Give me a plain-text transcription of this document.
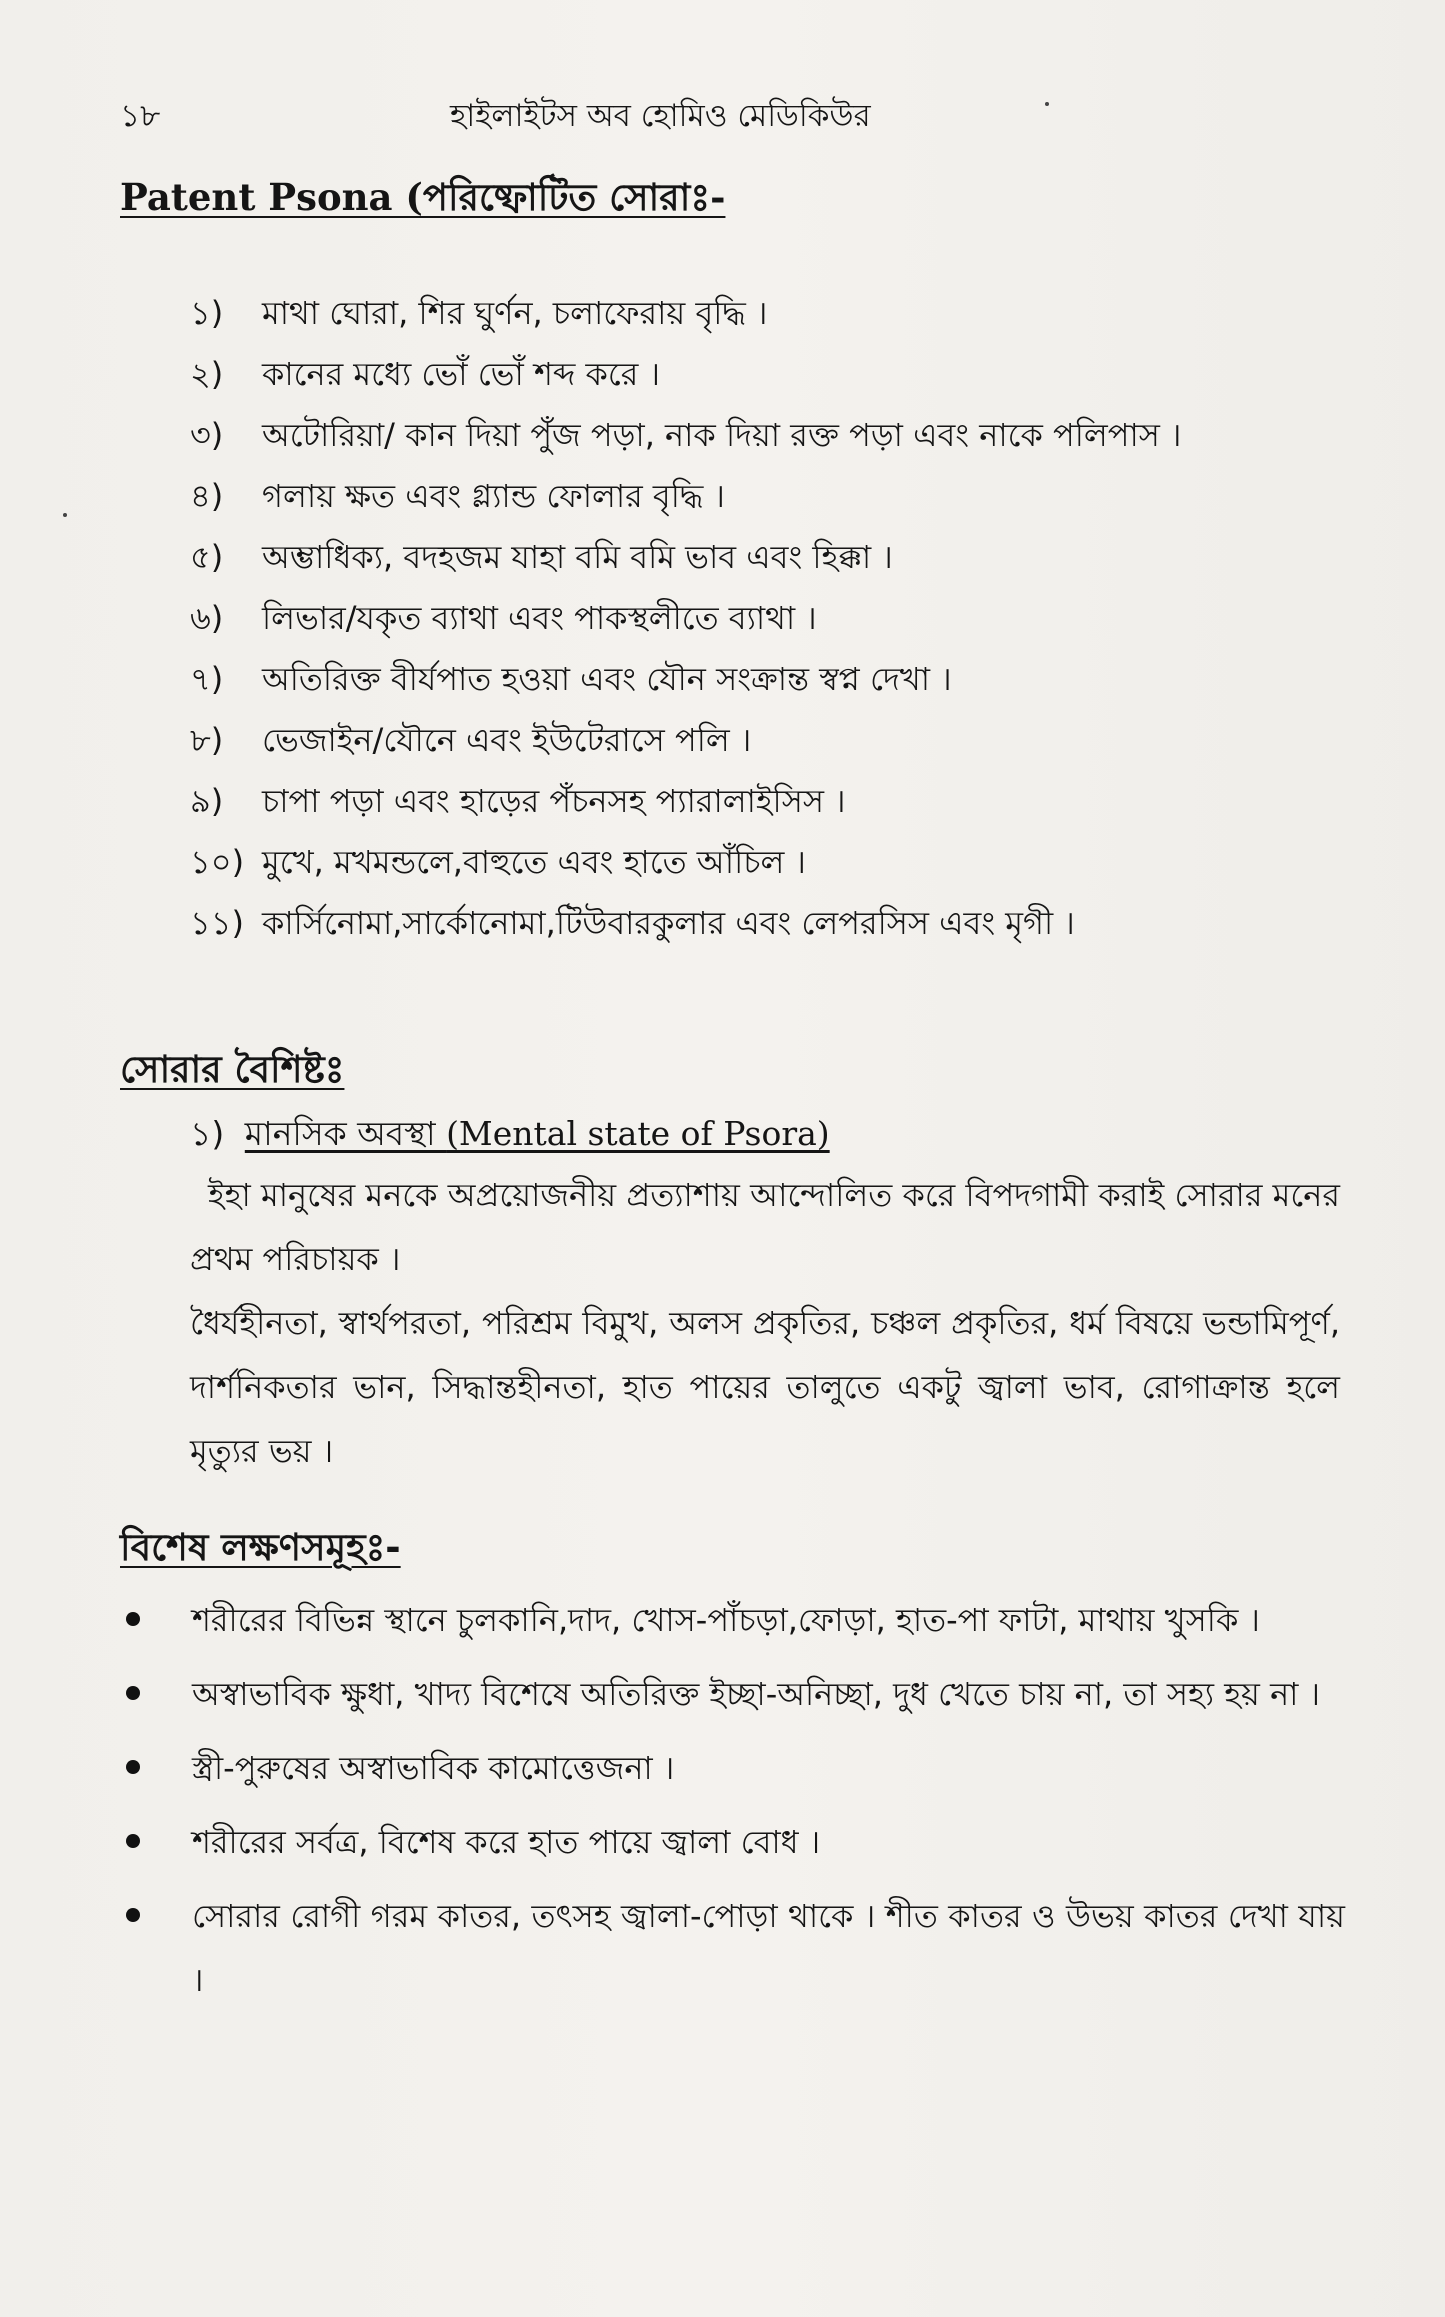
১৮	হাইলাইটস অব হোমিও মেডিকিউর
Patent Psona (পরিষ্ফোটিত সোরাঃ-
১) মাথা ঘোরা, শির ঘুর্ণন, চলাফেরায় বৃদ্ধি ।
২) কানের মধ্যে ভোঁ ভোঁ শব্দ করে ।
৩) অটোরিয়া/ কান দিয়া পুঁজ পড়া, নাক দিয়া রক্ত পড়া এবং নাকে পলিপাস ।
৪) গলায় ক্ষত এবং গ্ল্যান্ড ফোলার বৃদ্ধি ।
৫) অম্ভাধিক্য, বদহজম যাহা বমি বমি ভাব এবং হিক্কা ।
৬) লিভার/যকৃত ব্যাথা এবং পাকস্থলীতে ব্যাথা ।
৭) অতিরিক্ত বীর্যপাত হওয়া এবং যৌন সংক্রান্ত স্বপ্ন দেখা ।
৮) ভেজাইন/যৌনে এবং ইউটেরাসে পলি ।
৯) চাপা পড়া এবং হাড়ের পঁচনসহ প্যারালাইসিস ।
১০) মুখে, মখমন্ডলে,বাহুতে এবং হাতে আঁচিল ।
১১) কার্সিনোমা,সার্কোনোমা,টিউবারকুলার এবং লেপরসিস এবং মৃগী ।
সোরার বৈশিষ্টঃ
১) মানসিক অবস্থা (Mental state of Psora)

ইহা মানুষের মনকে অপ্রয়োজনীয় প্রত্যাশায় আন্দোলিত করে বিপদগামী করাই সোরার মনের প্রথম পরিচায়ক ।

ধৈর্যহীনতা, স্বার্থপরতা, পরিশ্রম বিমুখ, অলস প্রকৃতির, চঞ্চল প্রকৃতির, ধর্ম বিষয়ে ভন্ডামিপূর্ণ, দার্শনিকতার ভান, সিদ্ধান্তহীনতা, হাত পায়ের তালুতে একটু জ্বালা ভাব, রোগাক্রান্ত হলে মৃত্যুর ভয় ।

বিশেষ লক্ষণসমূহঃ-
শরীরের বিভিন্ন স্থানে চুলকানি,দাদ, খোস-পাঁচড়া,ফোড়া, হাত-পা ফাটা, মাথায় খুসকি ।
অস্বাভাবিক ক্ষুধা, খাদ্য বিশেষে অতিরিক্ত ইচ্ছা-অনিচ্ছা, দুধ খেতে চায় না, তা সহ্য হয় না ।
স্ত্রী-পুরুষের অস্বাভাবিক কামোত্তেজনা ।
শরীরের সর্বত্র, বিশেষ করে হাত পায়ে জ্বালা বোধ ।
সোরার রোগী গরম কাতর, তৎসহ জ্বালা-পোড়া থাকে । শীত কাতর ও উভয় কাতর দেখা যায় ।
